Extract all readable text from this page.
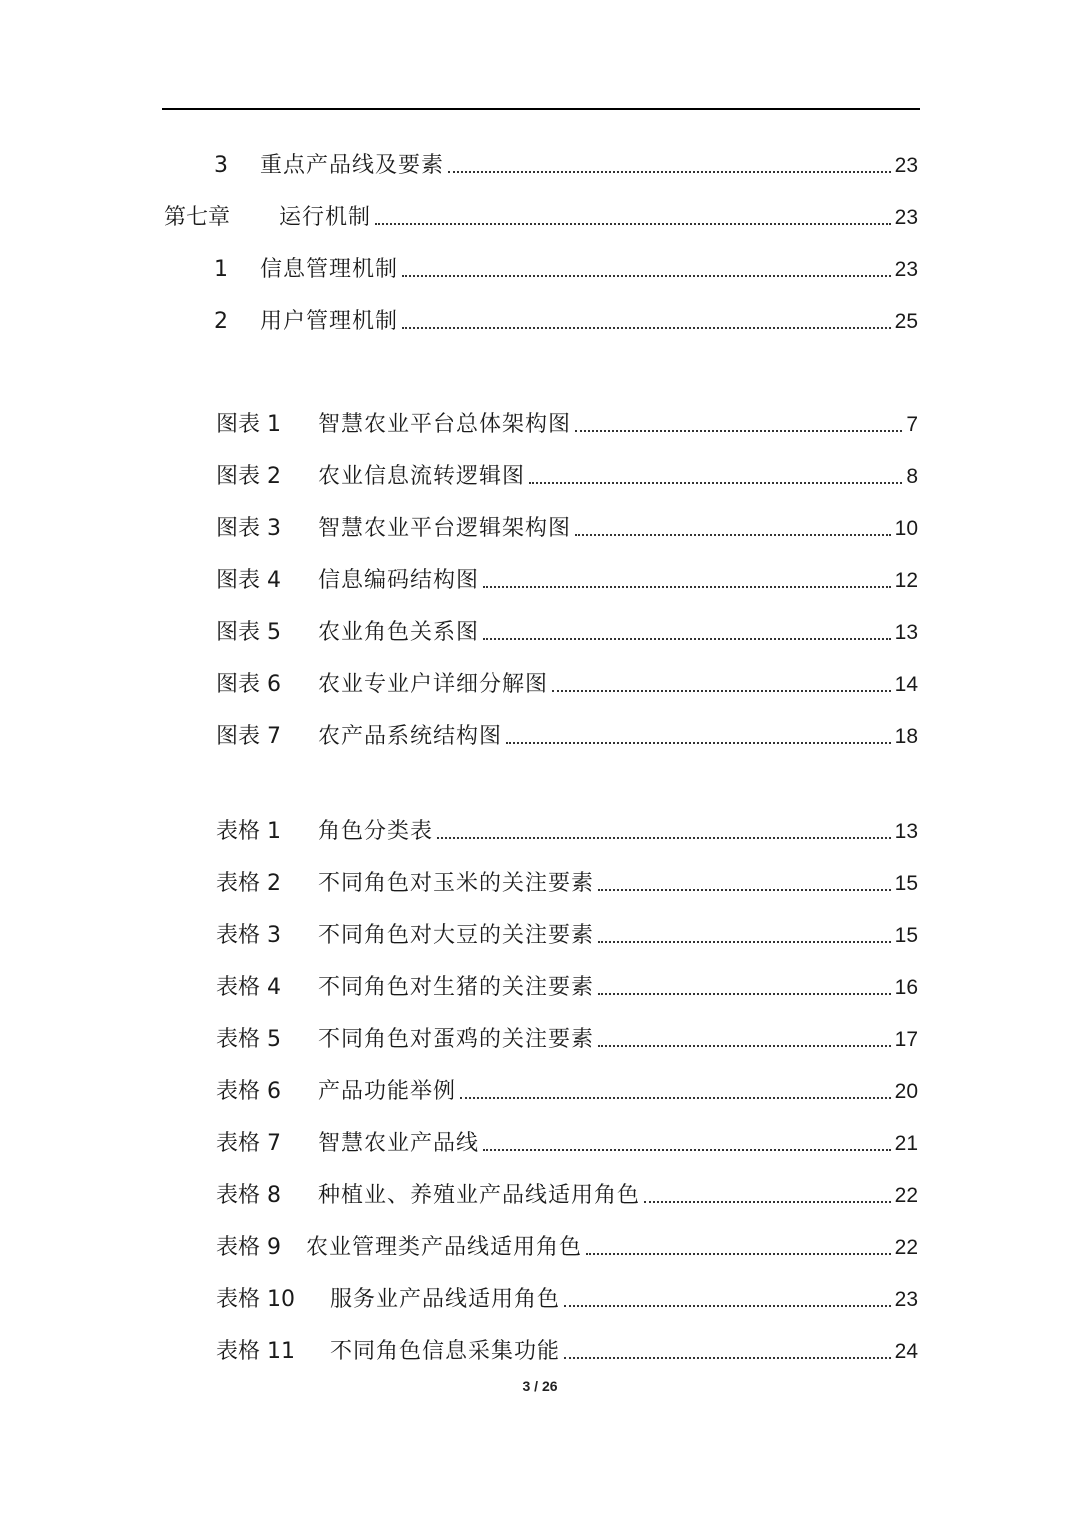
3	重点产品线及要素	23
第七章	运行机制	23
1	信息管理机制	23
2	用户管理机制	25
图表 1	智慧农业平台总体架构图	7
图表 2	农业信息流转逻辑图	8
图表 3	智慧农业平台逻辑架构图	10
图表 4	信息编码结构图	12
图表 5	农业角色关系图	13
图表 6	农业专业户详细分解图	14
图表 7	农产品系统结构图	18
表格 1	角色分类表	13
表格 2	不同角色对玉米的关注要素	15
表格 3	不同角色对大豆的关注要素	15
表格 4	不同角色对生猪的关注要素	16
表格 5	不同角色对蛋鸡的关注要素	17
表格 6	产品功能举例	20
表格 7	智慧农业产品线	21
表格 8	种植业、养殖业产品线适用角色	22
表格 9	农业管理类产品线适用角色	22
表格 10	服务业产品线适用角色	23
表格 11	不同角色信息采集功能	24
3 / 26
